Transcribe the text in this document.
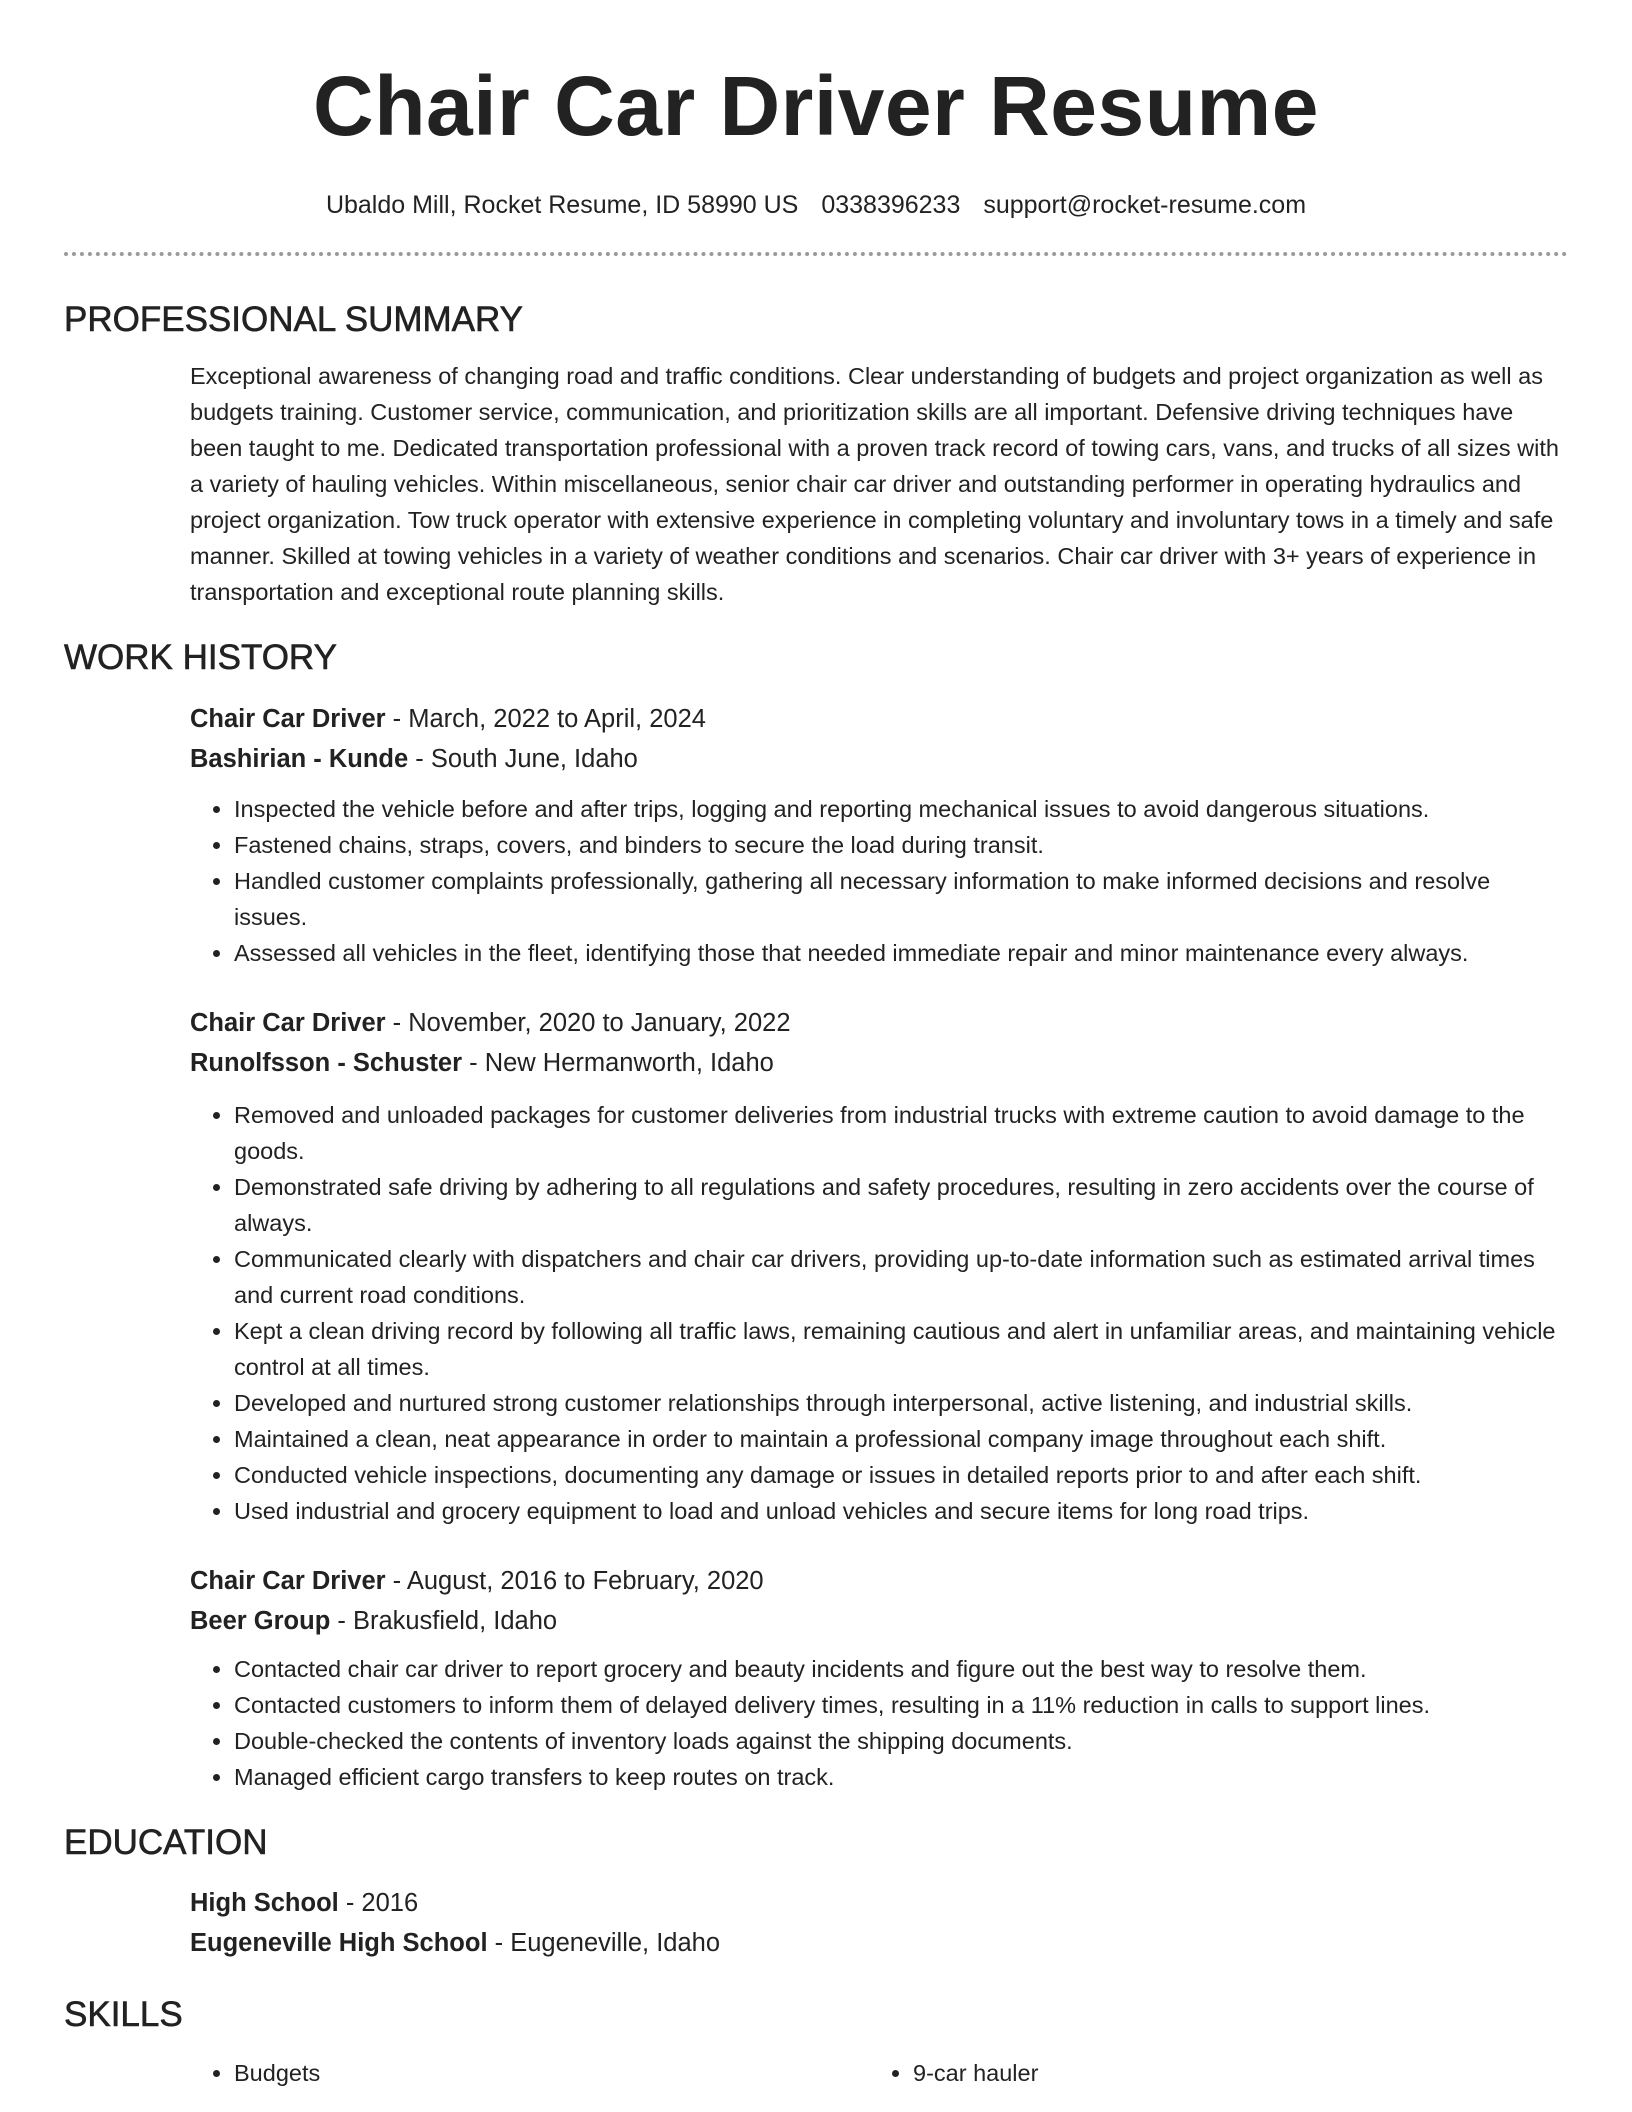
Chair Car Driver Resume
Ubaldo Mill, Rocket Resume, ID 58990 US 0338396233 support@rocket-resume.com
PROFESSIONAL SUMMARY

Exceptional awareness of changing road and traffic conditions. Clear understanding of budgets and project organization as well as budgets training. Customer service, communication, and prioritization skills are all important. Defensive driving techniques have been taught to me. Dedicated transportation professional with a proven track record of towing cars, vans, and trucks of all sizes with a variety of hauling vehicles. Within miscellaneous, senior chair car driver and outstanding performer in operating hydraulics and project organization. Tow truck operator with extensive experience in completing voluntary and involuntary tows in a timely and safe manner. Skilled at towing vehicles in a variety of weather conditions and scenarios. Chair car driver with 3+ years of experience in transportation and exceptional route planning skills.

WORK HISTORY
Chair Car Driver - March, 2022 to April, 2024
Bashirian - Kunde - South June, Idaho
• Inspected the vehicle before and after trips, logging and reporting mechanical issues to avoid dangerous situations.
• Fastened chains, straps, covers, and binders to secure the load during transit.
• Handled customer complaints professionally, gathering all necessary information to make informed decisions and resolve issues.
• Assessed all vehicles in the fleet, identifying those that needed immediate repair and minor maintenance every always.
Chair Car Driver - November, 2020 to January, 2022
Runolfsson - Schuster - New Hermanworth, Idaho
• Removed and unloaded packages for customer deliveries from industrial trucks with extreme caution to avoid damage to the goods.
• Demonstrated safe driving by adhering to all regulations and safety procedures, resulting in zero accidents over the course of always.
• Communicated clearly with dispatchers and chair car drivers, providing up-to-date information such as estimated arrival times and current road conditions.
• Kept a clean driving record by following all traffic laws, remaining cautious and alert in unfamiliar areas, and maintaining vehicle control at all times.
• Developed and nurtured strong customer relationships through interpersonal, active listening, and industrial skills.
• Maintained a clean, neat appearance in order to maintain a professional company image throughout each shift.
• Conducted vehicle inspections, documenting any damage or issues in detailed reports prior to and after each shift.
• Used industrial and grocery equipment to load and unload vehicles and secure items for long road trips.
Chair Car Driver - August, 2016 to February, 2020
Beer Group - Brakusfield, Idaho
• Contacted chair car driver to report grocery and beauty incidents and figure out the best way to resolve them.
• Contacted customers to inform them of delayed delivery times, resulting in a 11% reduction in calls to support lines.
• Double-checked the contents of inventory loads against the shipping documents.
• Managed efficient cargo transfers to keep routes on track.
EDUCATION
High School - 2016
Eugeneville High School - Eugeneville, Idaho
SKILLS
• Budgets
•	9-car hauler
